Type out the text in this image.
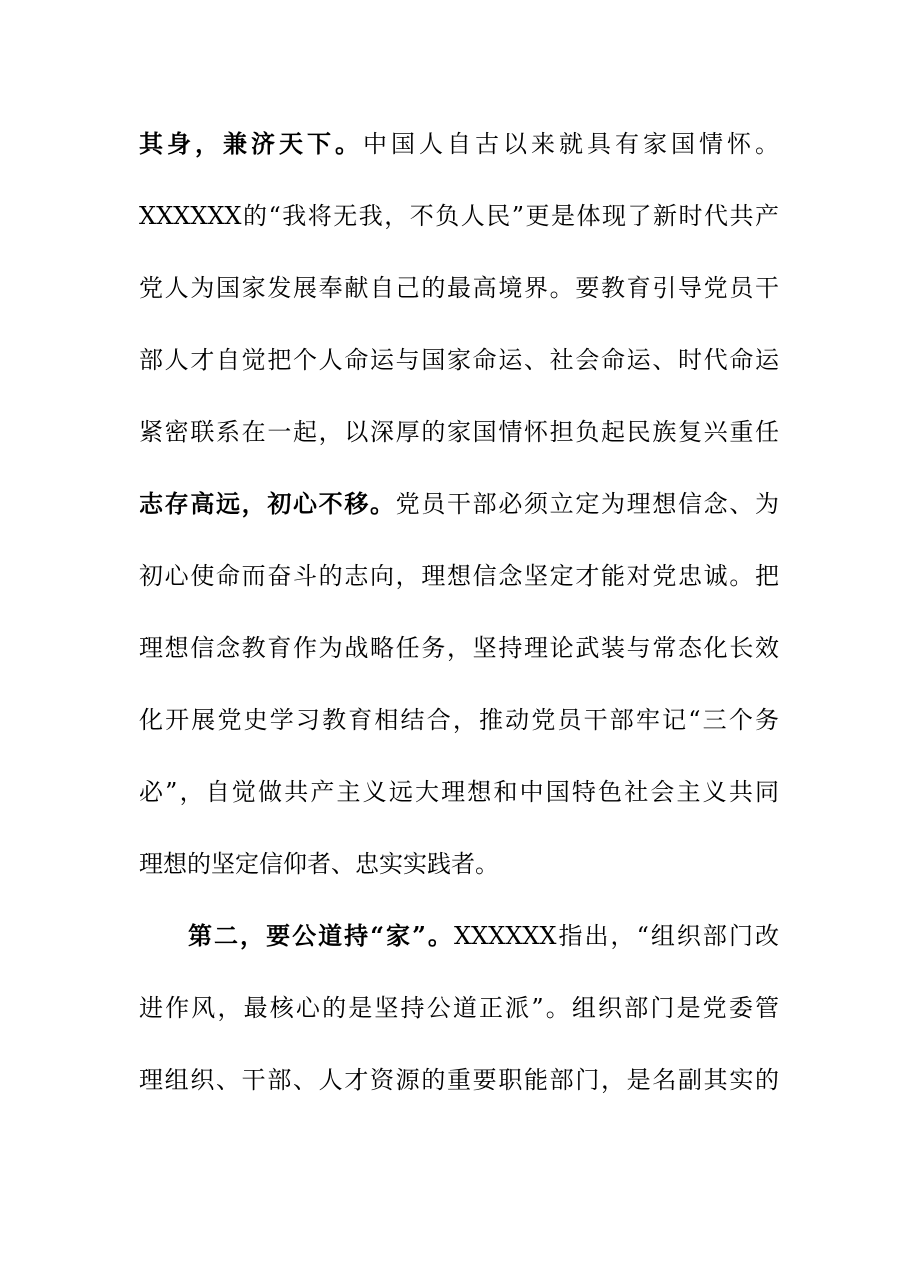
其身，兼济天下。中国人自古以来就具有家国情怀。
XXXXXX的“我将无我，不负人民”更是体现了新时代共产
党人为国家发展奉献自己的最高境界。要教育引导党员干
部人才自觉把个人命运与国家命运、社会命运、时代命运
紧密联系在一起，以深厚的家国情怀担负起民族复兴重任
志存高远，初心不移。党员干部必须立定为理想信念、为
初心使命而奋斗的志向，理想信念坚定才能对党忠诚。把
理想信念教育作为战略任务，坚持理论武装与常态化长效
化开展党史学习教育相结合，推动党员干部牢记“三个务
必”，自觉做共产主义远大理想和中国特色社会主义共同
理想的坚定信仰者、忠实实践者。
第二，要公道持“家”。XXXXXX指出，“组织部门改
进作风，最核心的是坚持公道正派”。组织部门是党委管
理组织、干部、人才资源的重要职能部门，是名副其实的
